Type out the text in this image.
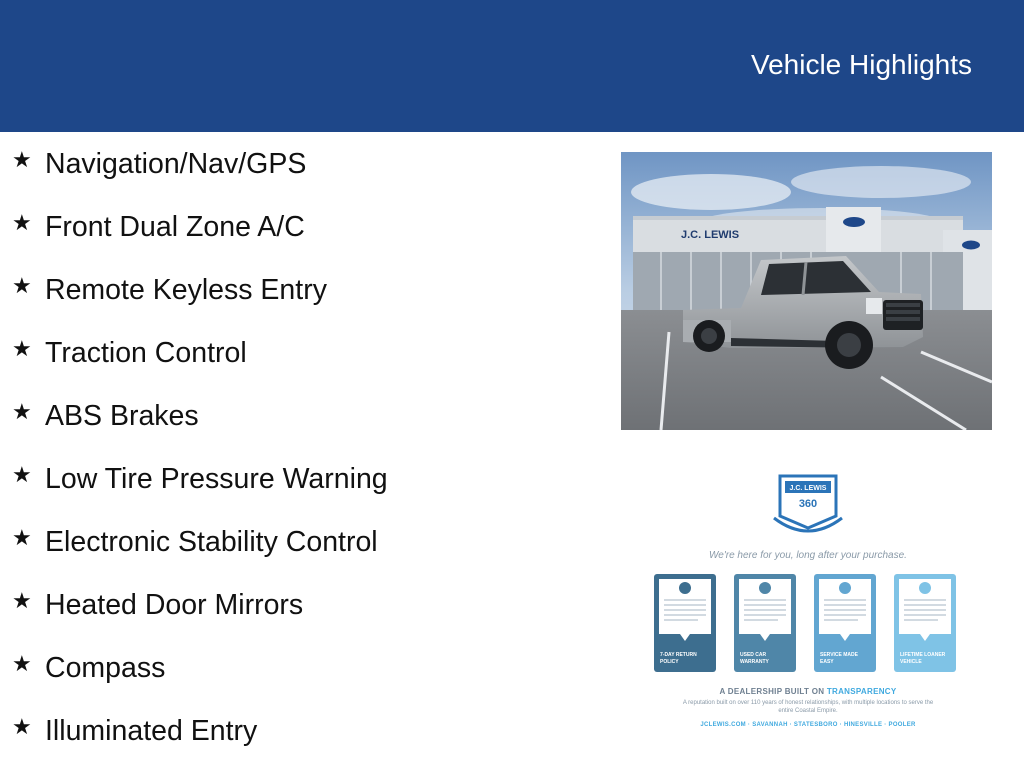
Vehicle Highlights
★ Navigation/Nav/GPS
★ Front Dual Zone A/C
★ Remote Keyless Entry
★ Traction Control
★ ABS Brakes
★ Low Tire Pressure Warning
★ Electronic Stability Control
★ Heated Door Mirrors
★ Compass
★ Illuminated Entry
J.C. LEWIS
J.C. LEWIS
360
We're here for you, long after your purchase.
7-DAY RETURN POLICY
USED CAR WARRANTY
SERVICE MADE EASY
LIFETIME LOANER VEHICLE
A DEALERSHIP BUILT ON TRANSPARENCY
A reputation built on over 110 years of honest relationships, with multiple locations to serve the entire Coastal Empire.
JCLEWIS.COM · SAVANNAH · STATESBORO · HINESVILLE · POOLER
